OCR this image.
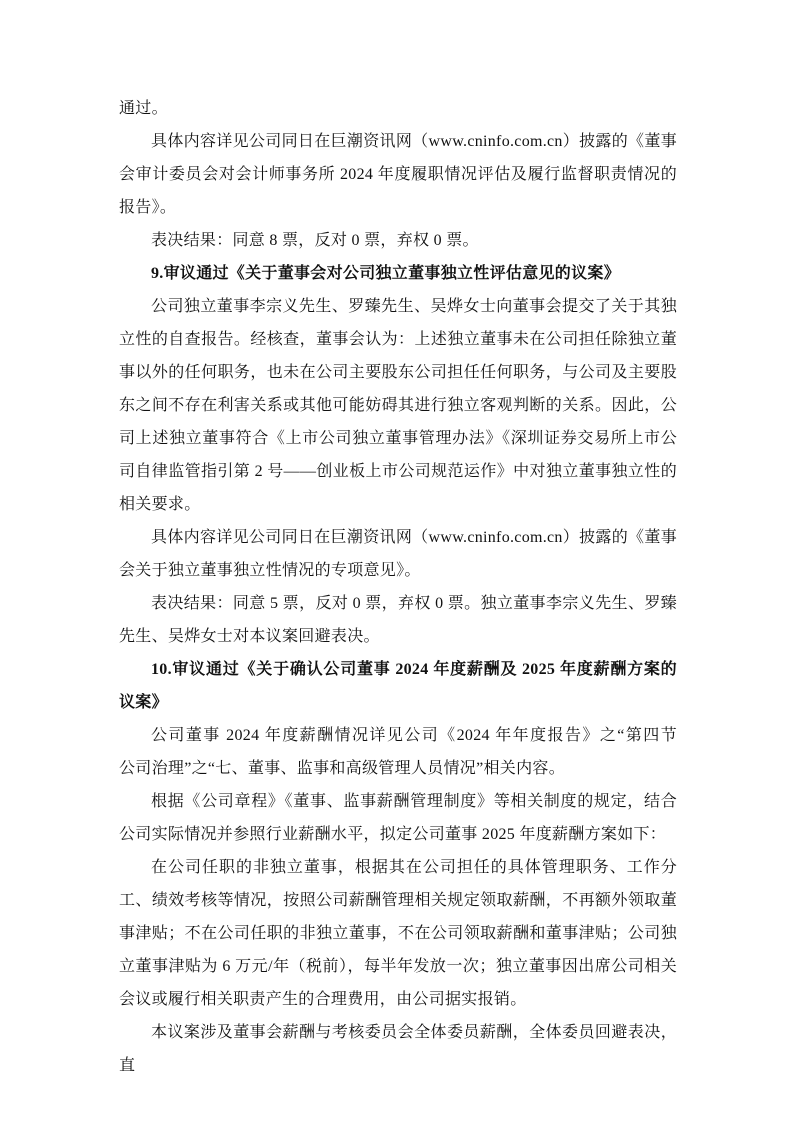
通过。

具体内容详见公司同日在巨潮资讯网（www.cninfo.com.cn）披露的《董事会审计委员会对会计师事务所 2024 年度履职情况评估及履行监督职责情况的报告》。

表决结果：同意 8 票，反对 0 票，弃权 0 票。

9.审议通过《关于董事会对公司独立董事独立性评估意见的议案》

公司独立董事李宗义先生、罗臻先生、吴烨女士向董事会提交了关于其独立性的自查报告。经核查，董事会认为：上述独立董事未在公司担任除独立董事以外的任何职务，也未在公司主要股东公司担任任何职务，与公司及主要股东之间不存在利害关系或其他可能妨碍其进行独立客观判断的关系。因此，公司上述独立董事符合《上市公司独立董事管理办法》《深圳证券交易所上市公司自律监管指引第 2 号——创业板上市公司规范运作》中对独立董事独立性的相关要求。

具体内容详见公司同日在巨潮资讯网（www.cninfo.com.cn）披露的《董事会关于独立董事独立性情况的专项意见》。

表决结果：同意 5 票，反对 0 票，弃权 0 票。独立董事李宗义先生、罗臻先生、吴烨女士对本议案回避表决。

10.审议通过《关于确认公司董事 2024 年度薪酬及 2025 年度薪酬方案的议案》

公司董事 2024 年度薪酬情况详见公司《2024 年年度报告》之“第四节　公司治理”之“七、董事、监事和高级管理人员情况”相关内容。

根据《公司章程》《董事、监事薪酬管理制度》等相关制度的规定，结合公司实际情况并参照行业薪酬水平，拟定公司董事 2025 年度薪酬方案如下：

在公司任职的非独立董事，根据其在公司担任的具体管理职务、工作分工、绩效考核等情况，按照公司薪酬管理相关规定领取薪酬，不再额外领取董事津贴；不在公司任职的非独立董事，不在公司领取薪酬和董事津贴；公司独立董事津贴为 6 万元/年（税前），每半年发放一次；独立董事因出席公司相关会议或履行相关职责产生的合理费用，由公司据实报销。

本议案涉及董事会薪酬与考核委员会全体委员薪酬，全体委员回避表决，直
